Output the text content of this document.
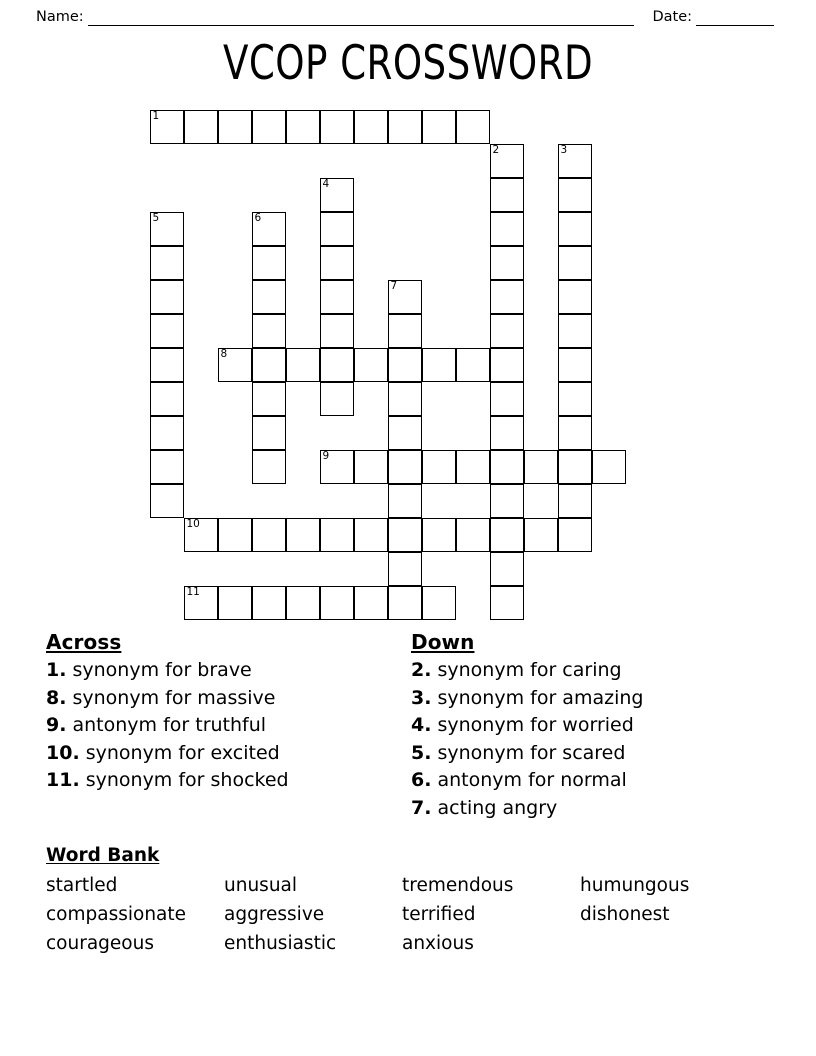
Name:	Date:
VCOP CROSSWORD
1
2	3
4
5	6
7
8
9
10
11
Across
1. synonym for brave
8. synonym for massive
9. antonym for truthful
10. synonym for excited
11. synonym for shocked
Down
2. synonym for caring
3. synonym for amazing
4. synonym for worried
5. synonym for scared
6. antonym for normal
7. acting angry
Word Bank
startled	unusual	tremendous	humungous
compassionate	aggressive	terrified	dishonest
courageous	enthusiastic	anxious
